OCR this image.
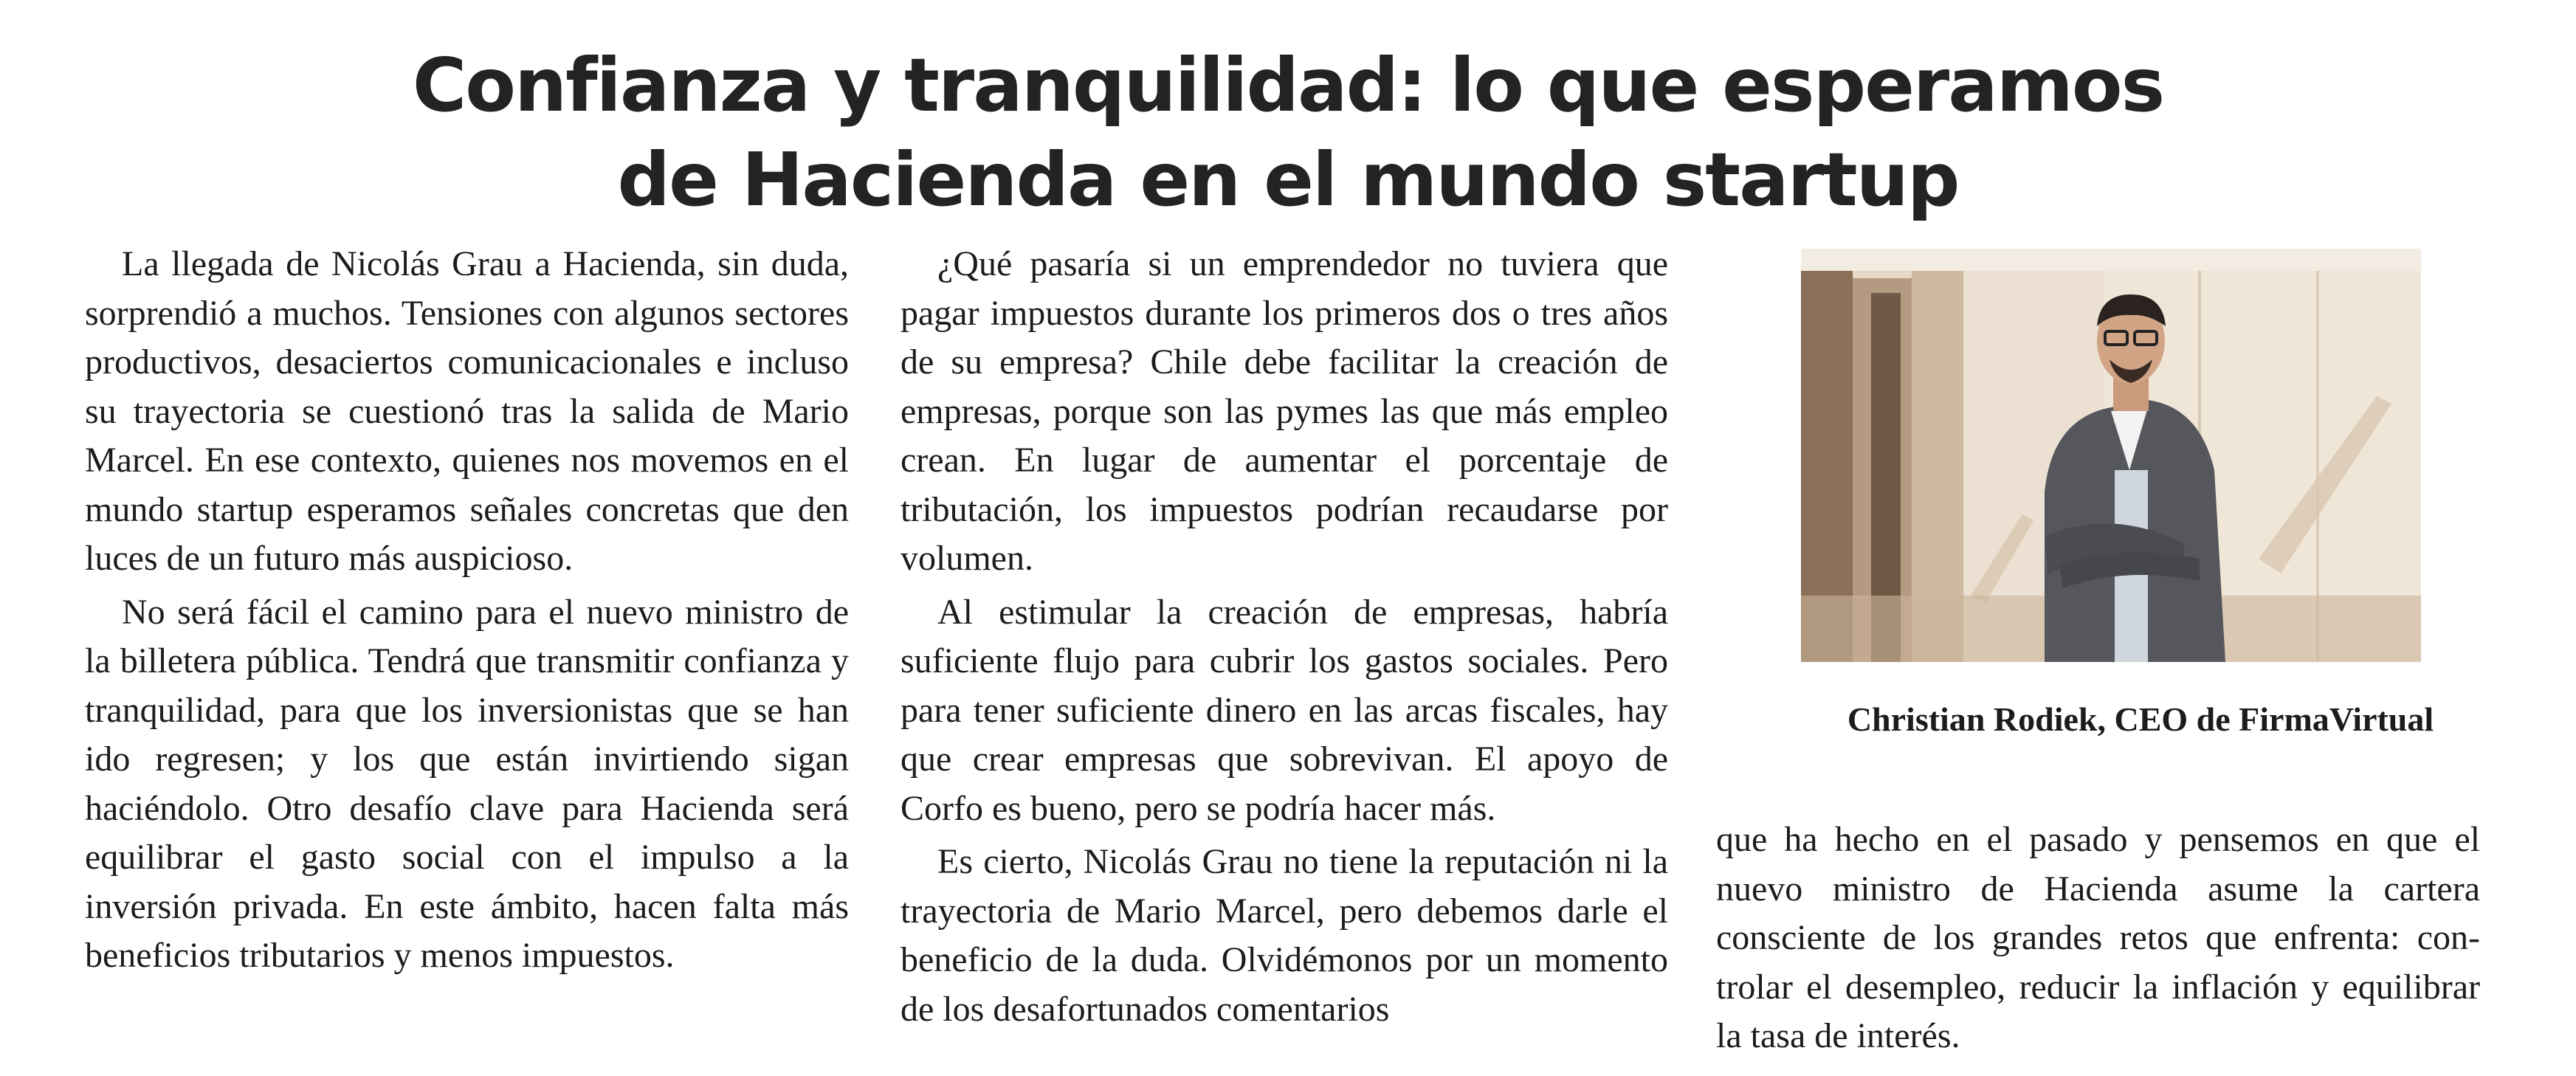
Confianza y tranquilidad: lo que esperamos
de Hacienda en el mundo startup

La llegada de Nicolás Grau a Hacienda, sin duda, sorprendió a muchos. Tensiones con algunos sectores productivos, desaciertos comunicacionales e incluso su trayectoria se cuestionó tras la salida de Mario Marcel. En ese contexto, quienes nos movemos en el mundo startup esperamos señales concretas que den luces de un futuro más auspicioso.

No será fácil el camino para el nuevo ministro de la billetera pública. Tendrá que transmitir confianza y tranquilidad, para que los inversionistas que se han ido regresen; y los que están invirtiendo sigan haciéndolo. Otro desafío clave para Hacienda será equilibrar el gasto social con el impulso a la inversión privada. En este ámbito, hacen falta más beneficios tributarios y menos impuestos.

¿Qué pasaría si un emprendedor no tuviera que pagar impuestos durante los primeros dos o tres años de su empresa? Chile debe facilitar la creación de empresas, porque son las pymes las que más empleo crean. En lugar de aumentar el porcentaje de tributación, los impuestos podrían recaudarse por volumen.

Al estimular la creación de empresas, habría suficiente flujo para cubrir los gastos sociales. Pero para tener suficiente dinero en las arcas fiscales, hay que crear empresas que sobrevivan. El apoyo de Corfo es bueno, pero se podría hacer más.

Es cierto, Nicolás Grau no tiene la reputación ni la trayectoria de Mario Marcel, pero debemos darle el beneficio de la duda. Olvidémonos por un momento de los desafortunados comentarios

Christian Rodiek, CEO de FirmaVirtual

que ha hecho en el pasado y pensemos en que el nuevo ministro de Hacienda asume la cartera consciente de los grandes retos que enfrenta: controlar el desempleo, reducir la inflación y equilibrar la tasa de interés.
